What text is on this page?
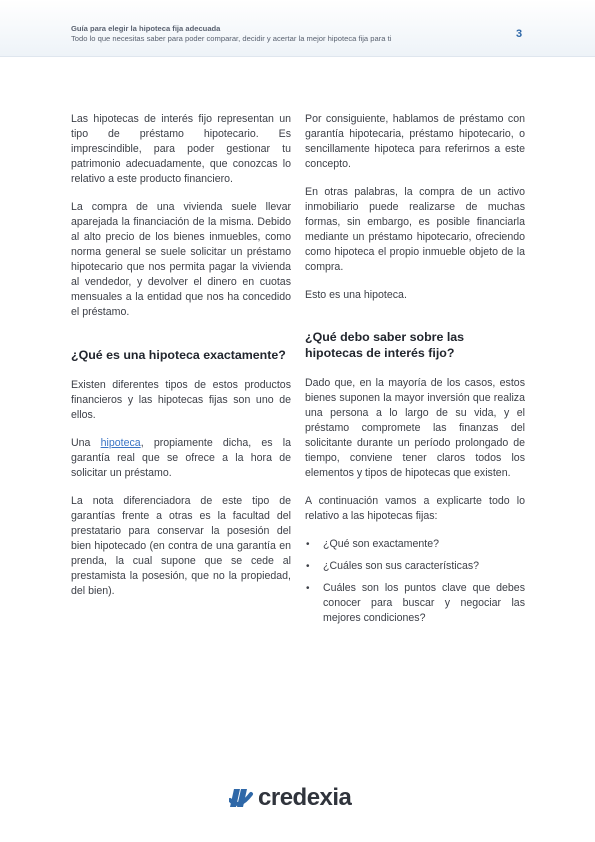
Guía para elegir la hipoteca fija adecuada
Todo lo que necesitas saber para poder comparar, decidir y acertar la mejor hipoteca fija para ti	3

Las hipotecas de interés fijo representan un tipo de préstamo hipotecario. Es imprescindible, para poder gestionar tu patrimonio adecuadamente, que conozcas lo relativo a este producto financiero.

La compra de una vivienda suele llevar aparejada la financiación de la misma. Debido al alto precio de los bienes inmuebles, como norma general se suele solicitar un préstamo hipotecario que nos permita pagar la vivienda al vendedor, y devolver el dinero en cuotas mensuales a la entidad que nos ha concedido el préstamo.

¿Qué es una hipoteca exactamente?

Existen diferentes tipos de estos productos financieros y las hipotecas fijas son uno de ellos.

Una hipoteca, propiamente dicha, es la garantía real que se ofrece a la hora de solicitar un préstamo.

La nota diferenciadora de este tipo de garantías frente a otras es la facultad del prestatario para conservar la posesión del bien hipotecado (en contra de una garantía en prenda, la cual supone que se cede al prestamista la posesión, que no la propiedad, del bien).

Por consiguiente, hablamos de préstamo con garantía hipotecaria, préstamo hipotecario, o sencillamente hipoteca para referirnos a este concepto.

En otras palabras, la compra de un activo inmobiliario puede realizarse de muchas formas, sin embargo, es posible financiarla mediante un préstamo hipotecario, ofreciendo como hipoteca el propio inmueble objeto de la compra.

Esto es una hipoteca.

¿Qué debo saber sobre las hipotecas de interés fijo?

Dado que, en la mayoría de los casos, estos bienes suponen la mayor inversión que realiza una persona a lo largo de su vida, y el préstamo compromete las finanzas del solicitante durante un período prolongado de tiempo, conviene tener claros todos los elementos y tipos de hipotecas que existen.

A continuación vamos a explicarte todo lo relativo a las hipotecas fijas:

• ¿Qué son exactamente?
• ¿Cuáles son sus características?
• Cuáles son los puntos clave que debes conocer para buscar y negociar las mejores condiciones?
credexia
